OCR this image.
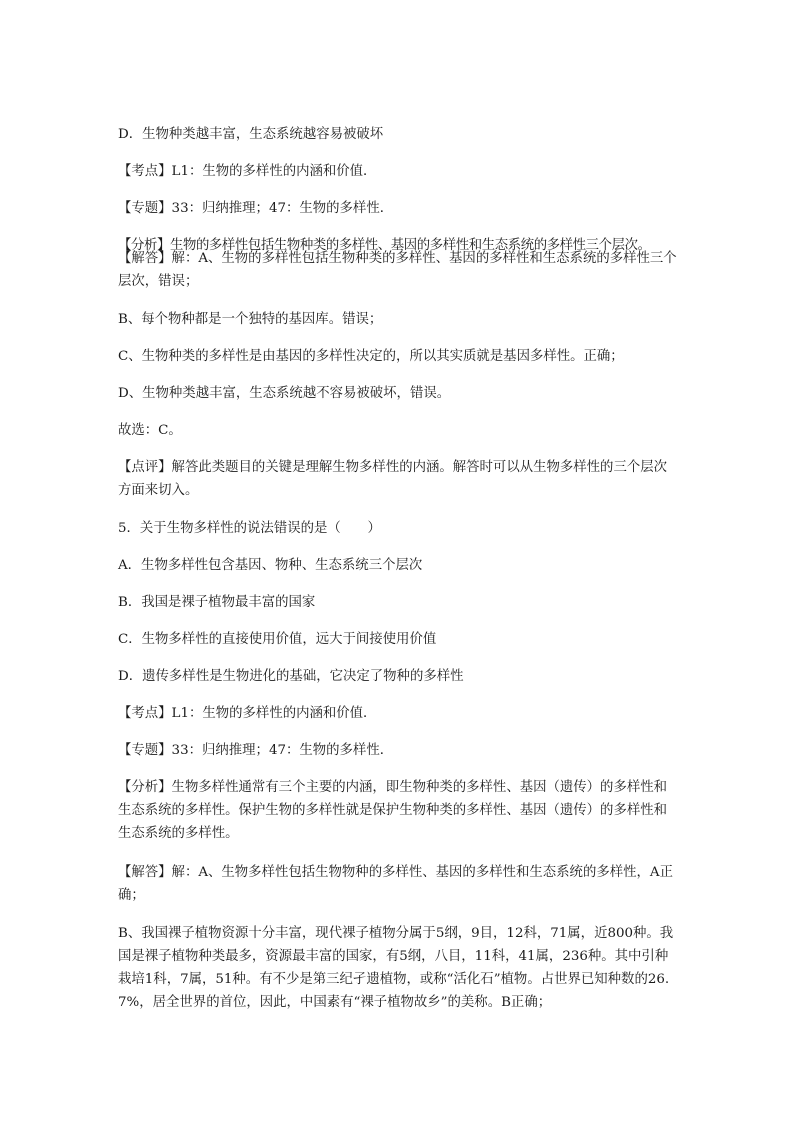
D．生物种类越丰富，生态系统越容易被破坏
【考点】L1：生物的多样性的内涵和价值．
【专题】33：归纳推理；47：生物的多样性．
【分析】生物的多样性包括生物种类的多样性、基因的多样性和生态系统的多样性三个层次。
【解答】解：A、生物的多样性包括生物种类的多样性、基因的多样性和生态系统的多样性三个层次，错误；
B、每个物种都是一个独特的基因库。错误；
C、生物种类的多样性是由基因的多样性决定的，所以其实质就是基因多样性。正确；
D、生物种类越丰富，生态系统越不容易被破坏，错误。
故选：C。
【点评】解答此类题目的关键是理解生物多样性的内涵。解答时可以从生物多样性的三个层次方面来切入。
5．关于生物多样性的说法错误的是（　　）
A．生物多样性包含基因、物种、生态系统三个层次
B．我国是裸子植物最丰富的国家
C．生物多样性的直接使用价值，远大于间接使用价值
D．遗传多样性是生物进化的基础，它决定了物种的多样性
【考点】L1：生物的多样性的内涵和价值．
【专题】33：归纳推理；47：生物的多样性．
【分析】生物多样性通常有三个主要的内涵，即生物种类的多样性、基因（遗传）的多样性和生态系统的多样性。保护生物的多样性就是保护生物种类的多样性、基因（遗传）的多样性和生态系统的多样性。
【解答】解：A、生物多样性包括生物物种的多样性、基因的多样性和生态系统的多样性，A正确；
B、我国裸子植物资源十分丰富，现代裸子植物分属于5纲，9目，12科，71属，近800种。我国是裸子植物种类最多，资源最丰富的国家，有5纲，八目，11科，41属，236种。其中引种栽培1科，7属，51种。有不少是第三纪孑遗植物，或称“活化石”植物。占世界已知种数的26.7%，居全世界的首位，因此，中国素有“裸子植物故乡”的美称。B正确；
